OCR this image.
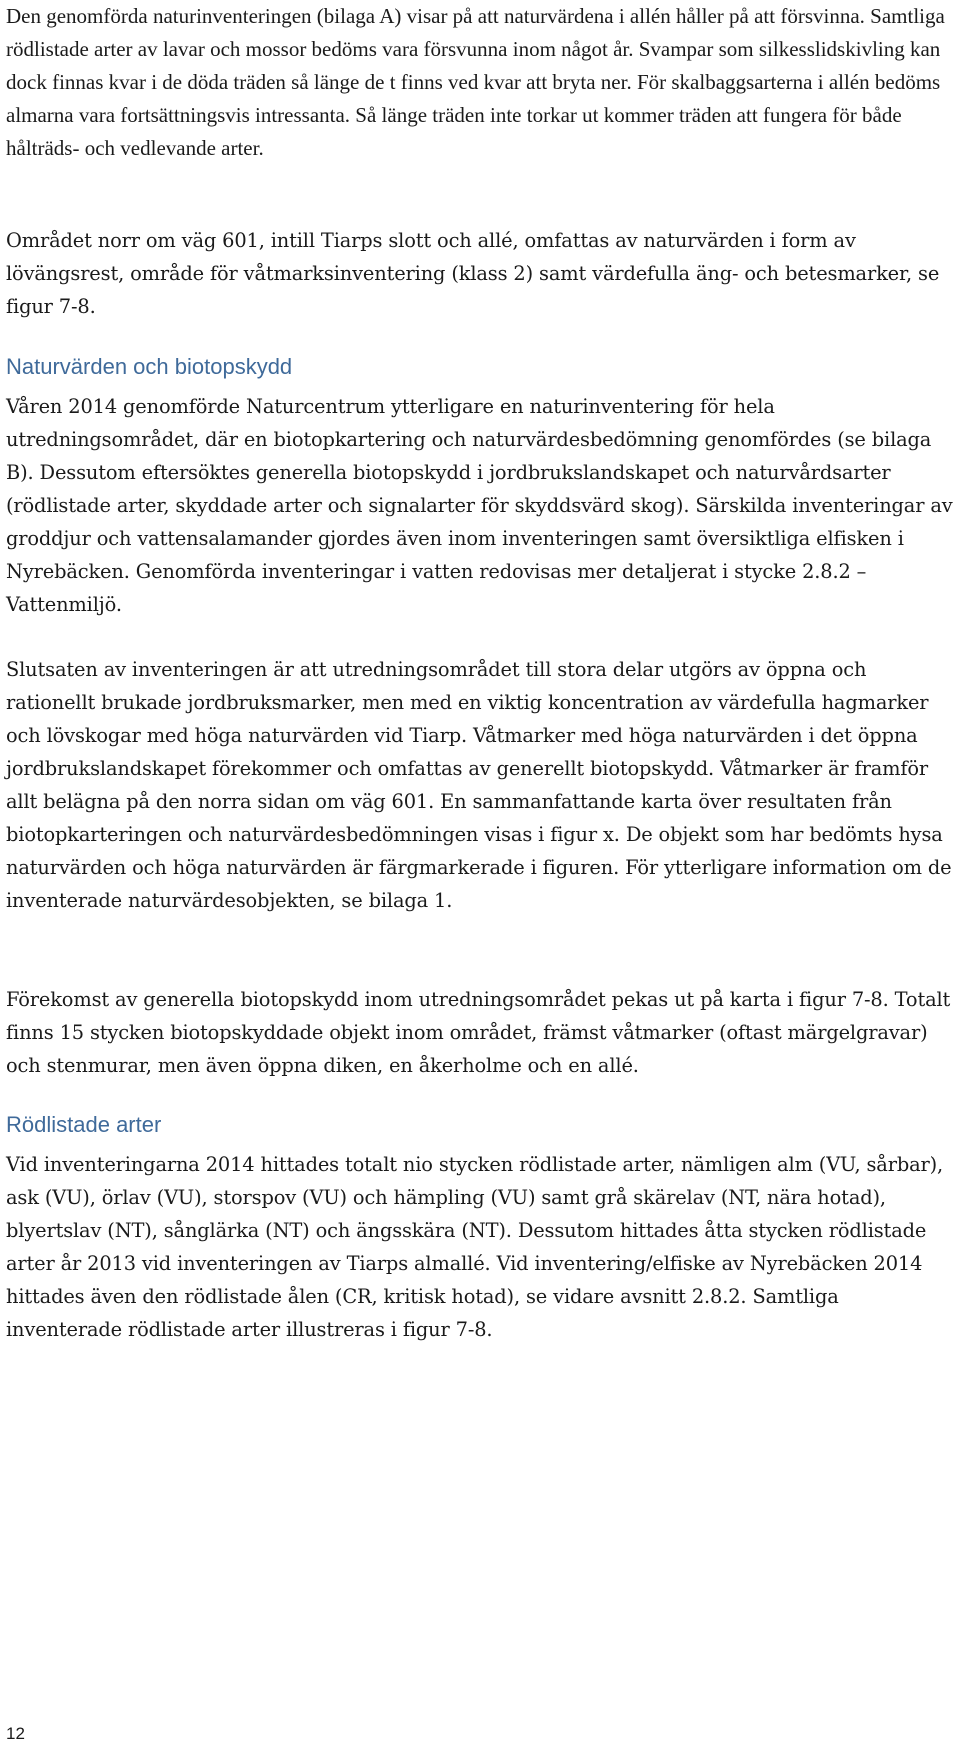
Den genomförda naturinventeringen (bilaga A) visar på att naturvärdena i allén håller på att försvinna. Samtliga rödlistade arter av lavar och mossor bedöms vara försvunna inom något år. Svampar som silkesslidskivling kan dock finnas kvar i de döda träden så länge de t finns ved kvar att bryta ner. För skalbaggsarterna i allén bedöms almarna vara fortsättningsvis intressanta. Så länge träden inte torkar ut kommer träden att fungera för både hålträds- och vedlevande arter.

Området norr om väg 601, intill Tiarps slott och allé, omfattas av naturvärden i form av lövängsrest, område för våtmarksinventering (klass 2) samt värdefulla äng- och betesmarker, se figur 7-8.

Naturvärden och biotopskydd

Våren 2014 genomförde Naturcentrum ytterligare en naturinventering för hela utredningsområdet, där en biotopkartering och naturvärdesbedömning genomfördes (se bilaga B). Dessutom eftersöktes generella biotopskydd i jordbrukslandskapet och naturvårdsarter (rödlistade arter, skyddade arter och signalarter för skyddsvärd skog). Särskilda inventeringar av groddjur och vattensalamander gjordes även inom inventeringen samt översiktliga elfisken i Nyrebäcken. Genomförda inventeringar i vatten redovisas mer detaljerat i stycke 2.8.2 – Vattenmiljö.

Slutsaten av inventeringen är att utredningsområdet till stora delar utgörs av öppna och rationellt brukade jordbruksmarker, men med en viktig koncentration av värdefulla hagmarker och lövskogar med höga naturvärden vid Tiarp. Våtmarker med höga naturvärden i det öppna jordbrukslandskapet förekommer och omfattas av generellt biotopskydd. Våtmarker är framför allt belägna på den norra sidan om väg 601. En sammanfattande karta över resultaten från biotopkarteringen och naturvärdesbedömningen visas i figur x. De objekt som har bedömts hysa naturvärden och höga naturvärden är färgmarkerade i figuren. För ytterligare information om de inventerade naturvärdesobjekten, se bilaga 1.

Förekomst av generella biotopskydd inom utredningsområdet pekas ut på karta i figur 7-8. Totalt finns 15 stycken biotopskyddade objekt inom området, främst våtmarker (oftast märgelgravar) och stenmurar, men även öppna diken, en åkerholme och en allé.

Rödlistade arter

Vid inventeringarna 2014 hittades totalt nio stycken rödlistade arter, nämligen alm (VU, sårbar), ask (VU), örlav (VU), storspov (VU) och hämpling (VU) samt grå skärelav (NT, nära hotad), blyertslav (NT), sånglärka (NT) och ängsskära (NT). Dessutom hittades åtta stycken rödlistade arter år 2013 vid inventeringen av Tiarps almallé. Vid inventering/elfiske av Nyrebäcken 2014 hittades även den rödlistade ålen (CR, kritisk hotad), se vidare avsnitt 2.8.2. Samtliga inventerade rödlistade arter illustreras i figur 7-8.

12
